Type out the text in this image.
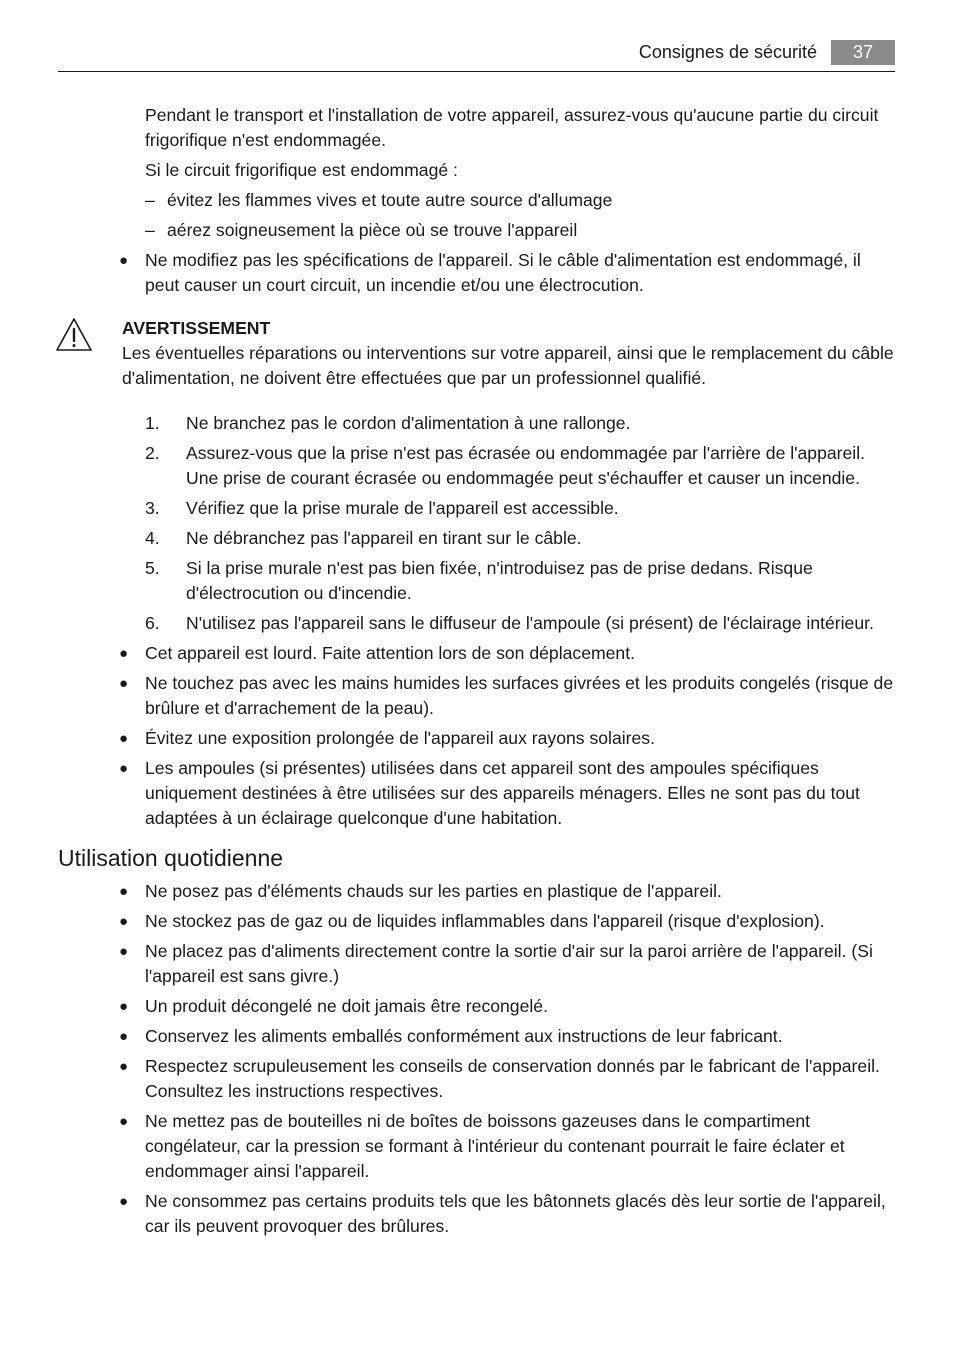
Consignes de sécurité	37

Pendant le transport et l'installation de votre appareil, assurez-vous qu'aucune partie du circuit frigorifique n'est endommagée.

Si le circuit frigorifique est endommagé :

– évitez les flammes vives et toute autre source d'allumage
– aérez soigneusement la pièce où se trouve l'appareil
● Ne modifiez pas les spécifications de l'appareil. Si le câble d'alimentation est endommagé, il peut causer un court circuit, un incendie et/ou une électrocution.
AVERTISSEMENT
Les éventuelles réparations ou interventions sur votre appareil, ainsi que le remplacement du câble d'alimentation, ne doivent être effectuées que par un professionnel qualifié.
1. Ne branchez pas le cordon d'alimentation à une rallonge.
2. Assurez-vous que la prise n'est pas écrasée ou endommagée par l'arrière de l'appareil. Une prise de courant écrasée ou endommagée peut s'échauffer et causer un incendie.
3. Vérifiez que la prise murale de l'appareil est accessible.
4. Ne débranchez pas l'appareil en tirant sur le câble.
5. Si la prise murale n'est pas bien fixée, n'introduisez pas de prise dedans. Risque d'électrocution ou d'incendie.
6. N'utilisez pas l'appareil sans le diffuseur de l'ampoule (si présent) de l'éclairage intérieur.
● Cet appareil est lourd. Faite attention lors de son déplacement.
● Ne touchez pas avec les mains humides les surfaces givrées et les produits congelés (risque de brûlure et d'arrachement de la peau).
● Évitez une exposition prolongée de l'appareil aux rayons solaires.
● Les ampoules (si présentes) utilisées dans cet appareil sont des ampoules spécifiques uniquement destinées à être utilisées sur des appareils ménagers. Elles ne sont pas du tout adaptées à un éclairage quelconque d'une habitation.
Utilisation quotidienne
● Ne posez pas d'éléments chauds sur les parties en plastique de l'appareil.
● Ne stockez pas de gaz ou de liquides inflammables dans l'appareil (risque d'explosion).
● Ne placez pas d'aliments directement contre la sortie d'air sur la paroi arrière de l'appareil. (Si l'appareil est sans givre.)
● Un produit décongelé ne doit jamais être recongelé.
● Conservez les aliments emballés conformément aux instructions de leur fabricant.
● Respectez scrupuleusement les conseils de conservation donnés par le fabricant de l'appareil. Consultez les instructions respectives.
● Ne mettez pas de bouteilles ni de boîtes de boissons gazeuses dans le compartiment congélateur, car la pression se formant à l'intérieur du contenant pourrait le faire éclater et endommager ainsi l'appareil.
● Ne consommez pas certains produits tels que les bâtonnets glacés dès leur sortie de l'appareil, car ils peuvent provoquer des brûlures.
